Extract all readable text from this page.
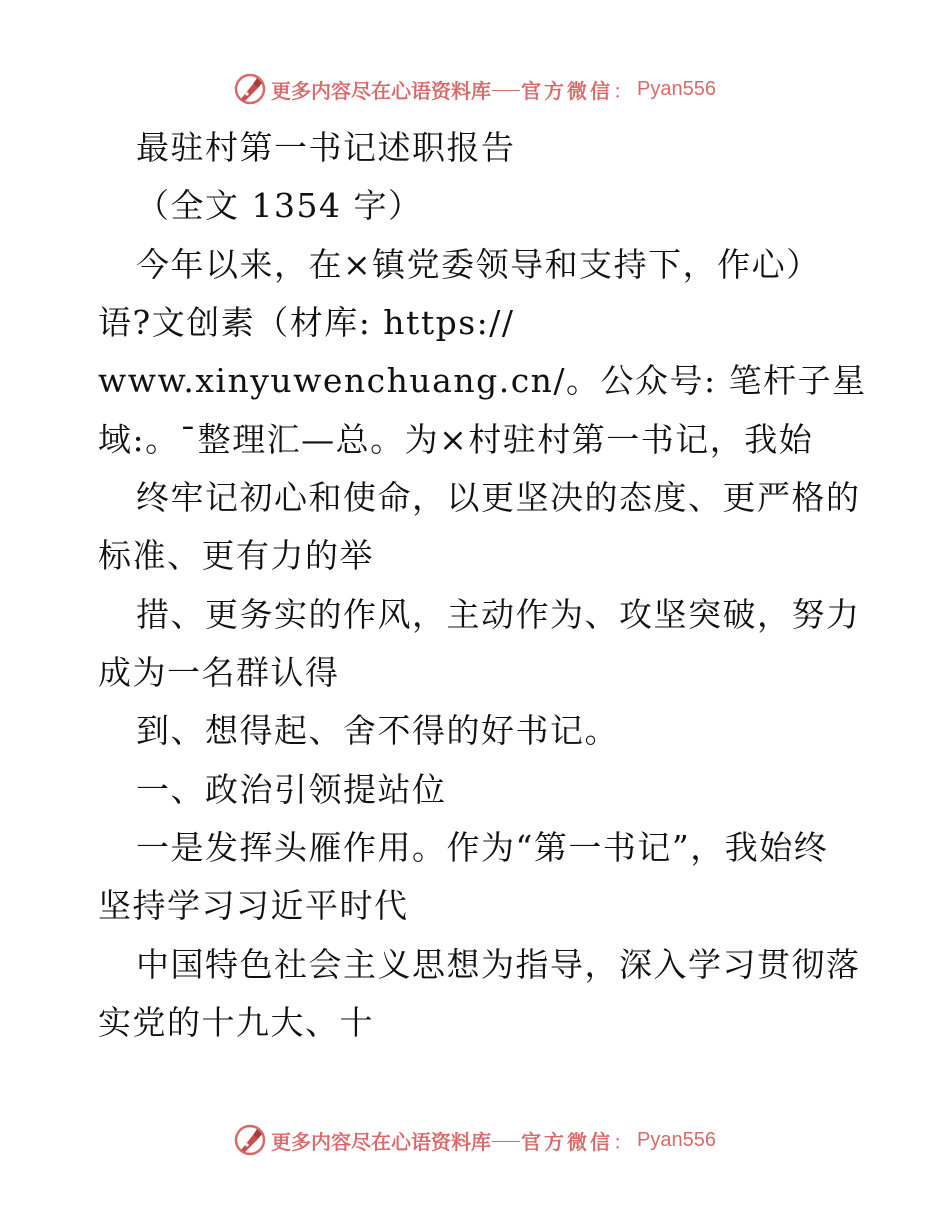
更多内容尽在心语资料库 官方微信 ： Pyan556
最驻村第一书记述职报告
（全文 1354 字）
今年以来，在×镇党委领导和支持下，作心）
语?文创素（材库: https://
www.xinyuwenchuang.cn/。公众号: 笔杆子星
域:。¯整理汇—总。为×村驻村第一书记，我始
终牢记初心和使命，以更坚决的态度、更严格的
标准、更有力的举
措、更务实的作风，主动作为、攻坚突破，努力
成为一名群认得
到、想得起、舍不得的好书记。
一、政治引领提站位
一是发挥头雁作用。作为“第一书记”，我始终
坚持学习习近平时代
中国特色社会主义思想为指导，深入学习贯彻落
实党的十九大、十
更多内容尽在心语资料库 官方微信 ： Pyan556
